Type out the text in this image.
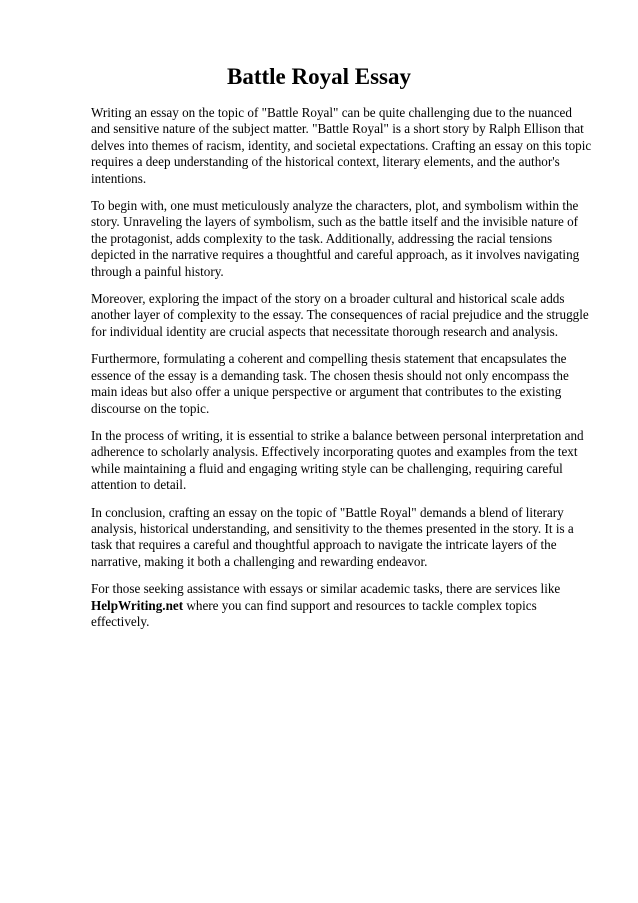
Battle Royal Essay

Writing an essay on the topic of "Battle Royal" can be quite challenging due to the nuanced and sensitive nature of the subject matter. "Battle Royal" is a short story by Ralph Ellison that delves into themes of racism, identity, and societal expectations. Crafting an essay on this topic requires a deep understanding of the historical context, literary elements, and the author's intentions.

To begin with, one must meticulously analyze the characters, plot, and symbolism within the story. Unraveling the layers of symbolism, such as the battle itself and the invisible nature of the protagonist, adds complexity to the task. Additionally, addressing the racial tensions depicted in the narrative requires a thoughtful and careful approach, as it involves navigating through a painful history.

Moreover, exploring the impact of the story on a broader cultural and historical scale adds another layer of complexity to the essay. The consequences of racial prejudice and the struggle for individual identity are crucial aspects that necessitate thorough research and analysis.

Furthermore, formulating a coherent and compelling thesis statement that encapsulates the essence of the essay is a demanding task. The chosen thesis should not only encompass the main ideas but also offer a unique perspective or argument that contributes to the existing discourse on the topic.

In the process of writing, it is essential to strike a balance between personal interpretation and adherence to scholarly analysis. Effectively incorporating quotes and examples from the text while maintaining a fluid and engaging writing style can be challenging, requiring careful attention to detail.

In conclusion, crafting an essay on the topic of "Battle Royal" demands a blend of literary analysis, historical understanding, and sensitivity to the themes presented in the story. It is a task that requires a careful and thoughtful approach to navigate the intricate layers of the narrative, making it both a challenging and rewarding endeavor.

For those seeking assistance with essays or similar academic tasks, there are services like HelpWriting.net where you can find support and resources to tackle complex topics effectively.
